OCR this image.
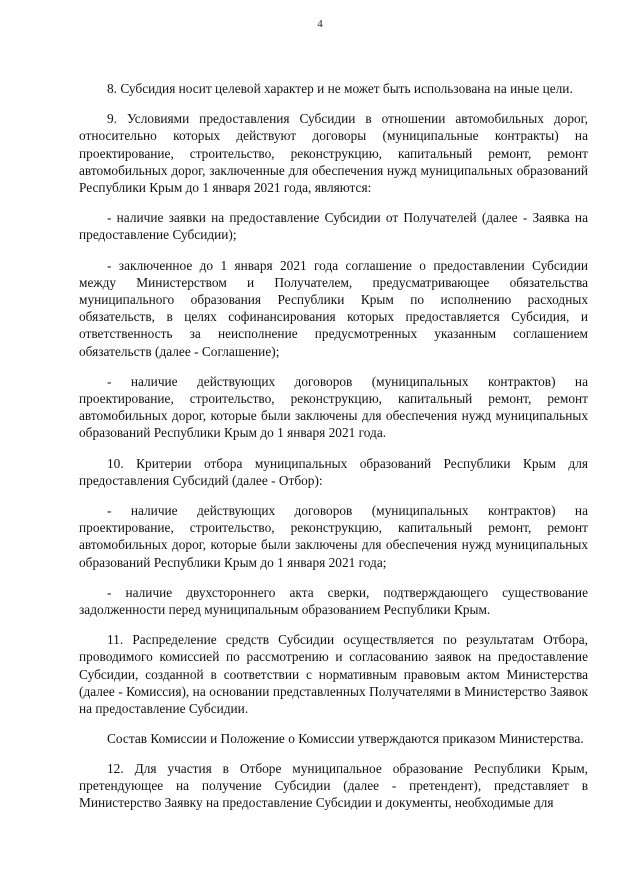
4

8. Субсидия носит целевой характер и не может быть использована на иные цели.

9. Условиями предоставления Субсидии в отношении автомобильных дорог, относительно которых действуют договоры (муниципальные контракты) на проектирование, строительство, реконструкцию, капитальный ремонт, ремонт автомобильных дорог, заключенные для обеспечения нужд муниципальных образований Республики Крым до 1 января 2021 года, являются:

- наличие заявки на предоставление Субсидии от Получателей (далее - Заявка на предоставление Субсидии);

- заключенное до 1 января 2021 года соглашение о предоставлении Субсидии между Министерством и Получателем, предусматривающее обязательства муниципального образования Республики Крым по исполнению расходных обязательств, в целях софинансирования которых предоставляется Субсидия, и ответственность за неисполнение предусмотренных указанным соглашением обязательств (далее - Соглашение);

- наличие действующих договоров (муниципальных контрактов) на проектирование, строительство, реконструкцию, капитальный ремонт, ремонт автомобильных дорог, которые были заключены для обеспечения нужд муниципальных образований Республики Крым до 1 января 2021 года.

10. Критерии отбора муниципальных образований Республики Крым для предоставления Субсидий (далее - Отбор):

- наличие действующих договоров (муниципальных контрактов) на проектирование, строительство, реконструкцию, капитальный ремонт, ремонт автомобильных дорог, которые были заключены для обеспечения нужд муниципальных образований Республики Крым до 1 января 2021 года;

- наличие двухстороннего акта сверки, подтверждающего существование задолженности перед муниципальным образованием Республики Крым.

11. Распределение средств Субсидии осуществляется по результатам Отбора, проводимого комиссией по рассмотрению и согласованию заявок на предоставление Субсидии, созданной в соответствии с нормативным правовым актом Министерства (далее - Комиссия), на основании представленных Получателями в Министерство Заявок на предоставление Субсидии.

Состав Комиссии и Положение о Комиссии утверждаются приказом Министерства.

12. Для участия в Отборе муниципальное образование Республики Крым, претендующее на получение Субсидии (далее - претендент), представляет в Министерство Заявку на предоставление Субсидии и документы, необходимые для
